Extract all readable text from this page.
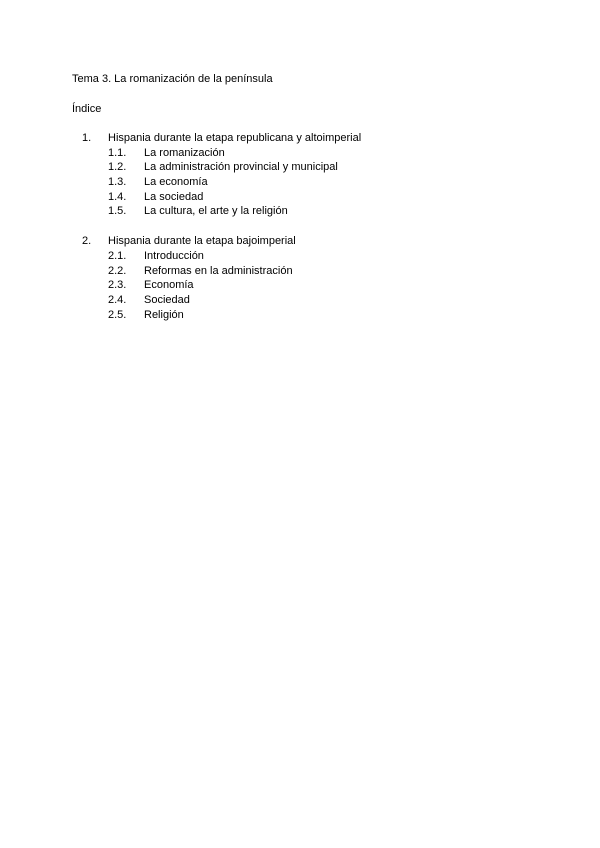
Tema 3. La romanización de la península
Índice
1. Hispania durante la etapa republicana y altoimperial
1.1. La romanización
1.2. La administración provincial y municipal
1.3. La economía
1.4. La sociedad
1.5. La cultura, el arte y la religión
2. Hispania durante la etapa bajoimperial
2.1. Introducción
2.2. Reformas en la administración
2.3. Economía
2.4. Sociedad
2.5. Religión
